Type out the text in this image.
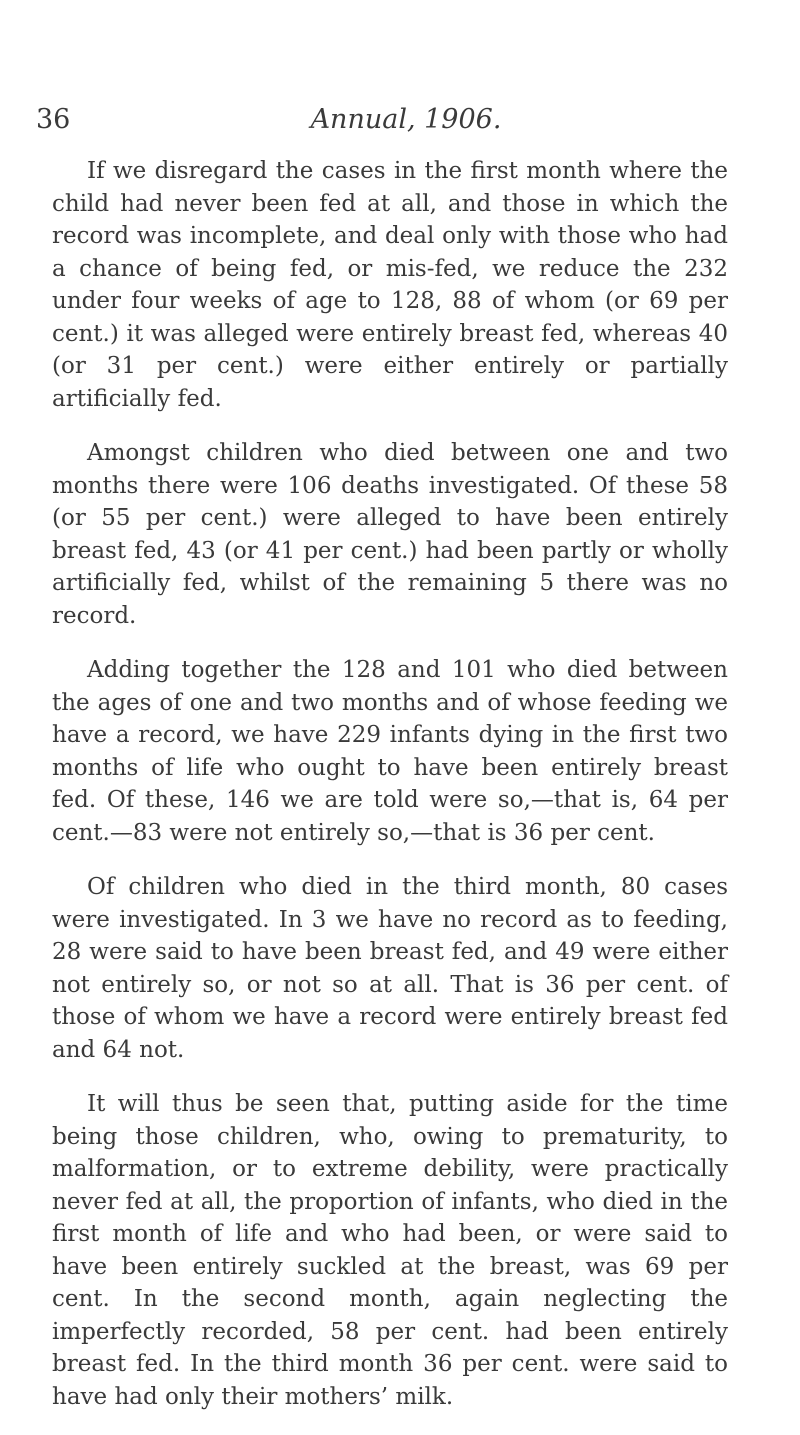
36	Annual, 1906.

If we disregard the cases in the first month where the child had never been fed at all, and those in which the record was incomplete, and deal only with those who had a chance of being fed, or mis-fed, we reduce the 232 under four weeks of age to 128, 88 of whom (or 69 per cent.) it was alleged were entirely breast fed, whereas 40 (or 31 per cent.) were either entirely or partially artificially fed.

Amongst children who died between one and two months there were 106 deaths investigated. Of these 58 (or 55 per cent.) were alleged to have been entirely breast fed, 43 (or 41 per cent.) had been partly or wholly artificially fed, whilst of the remaining 5 there was no record.

Adding together the 128 and 101 who died between the ages of one and two months and of whose feeding we have a record, we have 229 infants dying in the first two months of life who ought to have been entirely breast fed. Of these, 146 we are told were so,—that is, 64 per cent.—83 were not entirely so,—that is 36 per cent.

Of children who died in the third month, 80 cases were investigated. In 3 we have no record as to feeding, 28 were said to have been breast fed, and 49 were either not entirely so, or not so at all. That is 36 per cent. of those of whom we have a record were entirely breast fed and 64 not.

It will thus be seen that, putting aside for the time being those children, who, owing to prematurity, to malformation, or to extreme debility, were practically never fed at all, the proportion of infants, who died in the first month of life and who had been, or were said to have been entirely suckled at the breast, was 69 per cent. In the second month, again neglecting the imperfectly recorded, 58 per cent. had been entirely breast fed. In the third month 36 per cent. were said to have had only their mothers’ milk.
